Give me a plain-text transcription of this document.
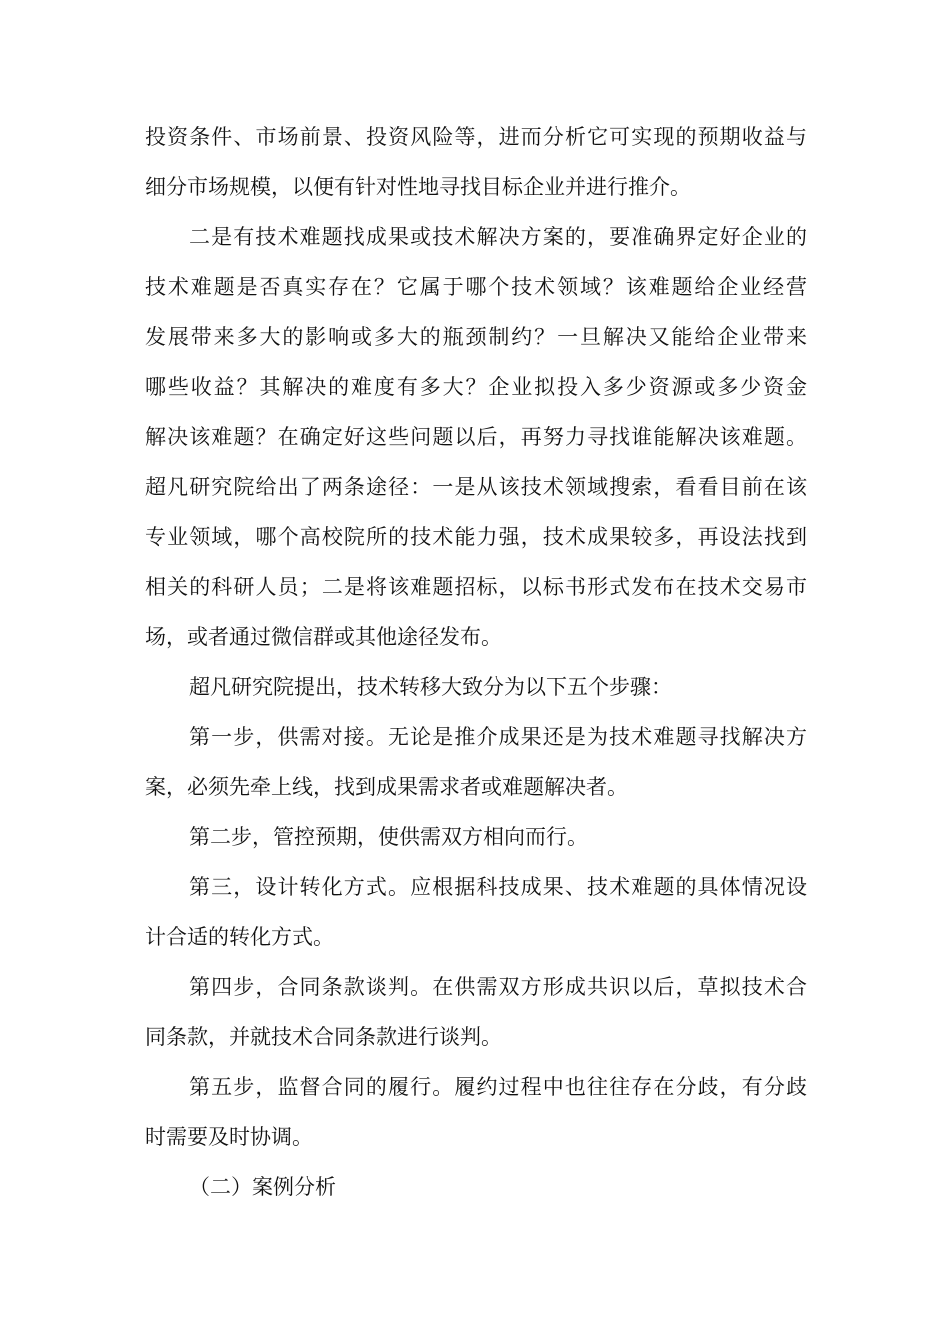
投资条件、市场前景、投资风险等，进而分析它可实现的预期收益与
细分市场规模，以便有针对性地寻找目标企业并进行推介。
二是有技术难题找成果或技术解决方案的，要准确界定好企业的
技术难题是否真实存在？它属于哪个技术领域？该难题给企业经营
发展带来多大的影响或多大的瓶颈制约？一旦解决又能给企业带来
哪些收益？其解决的难度有多大？企业拟投入多少资源或多少资金
解决该难题？在确定好这些问题以后，再努力寻找谁能解决该难题。
超凡研究院给出了两条途径：一是从该技术领域搜索，看看目前在该
专业领域，哪个高校院所的技术能力强，技术成果较多，再设法找到
相关的科研人员；二是将该难题招标，以标书形式发布在技术交易市
场，或者通过微信群或其他途径发布。
超凡研究院提出，技术转移大致分为以下五个步骤：
第一步，供需对接。无论是推介成果还是为技术难题寻找解决方
案，必须先牵上线，找到成果需求者或难题解决者。
第二步，管控预期，使供需双方相向而行。
第三，设计转化方式。应根据科技成果、技术难题的具体情况设
计合适的转化方式。
第四步，合同条款谈判。在供需双方形成共识以后，草拟技术合
同条款，并就技术合同条款进行谈判。
第五步，监督合同的履行。履约过程中也往往存在分歧，有分歧
时需要及时协调。
（二）案例分析
